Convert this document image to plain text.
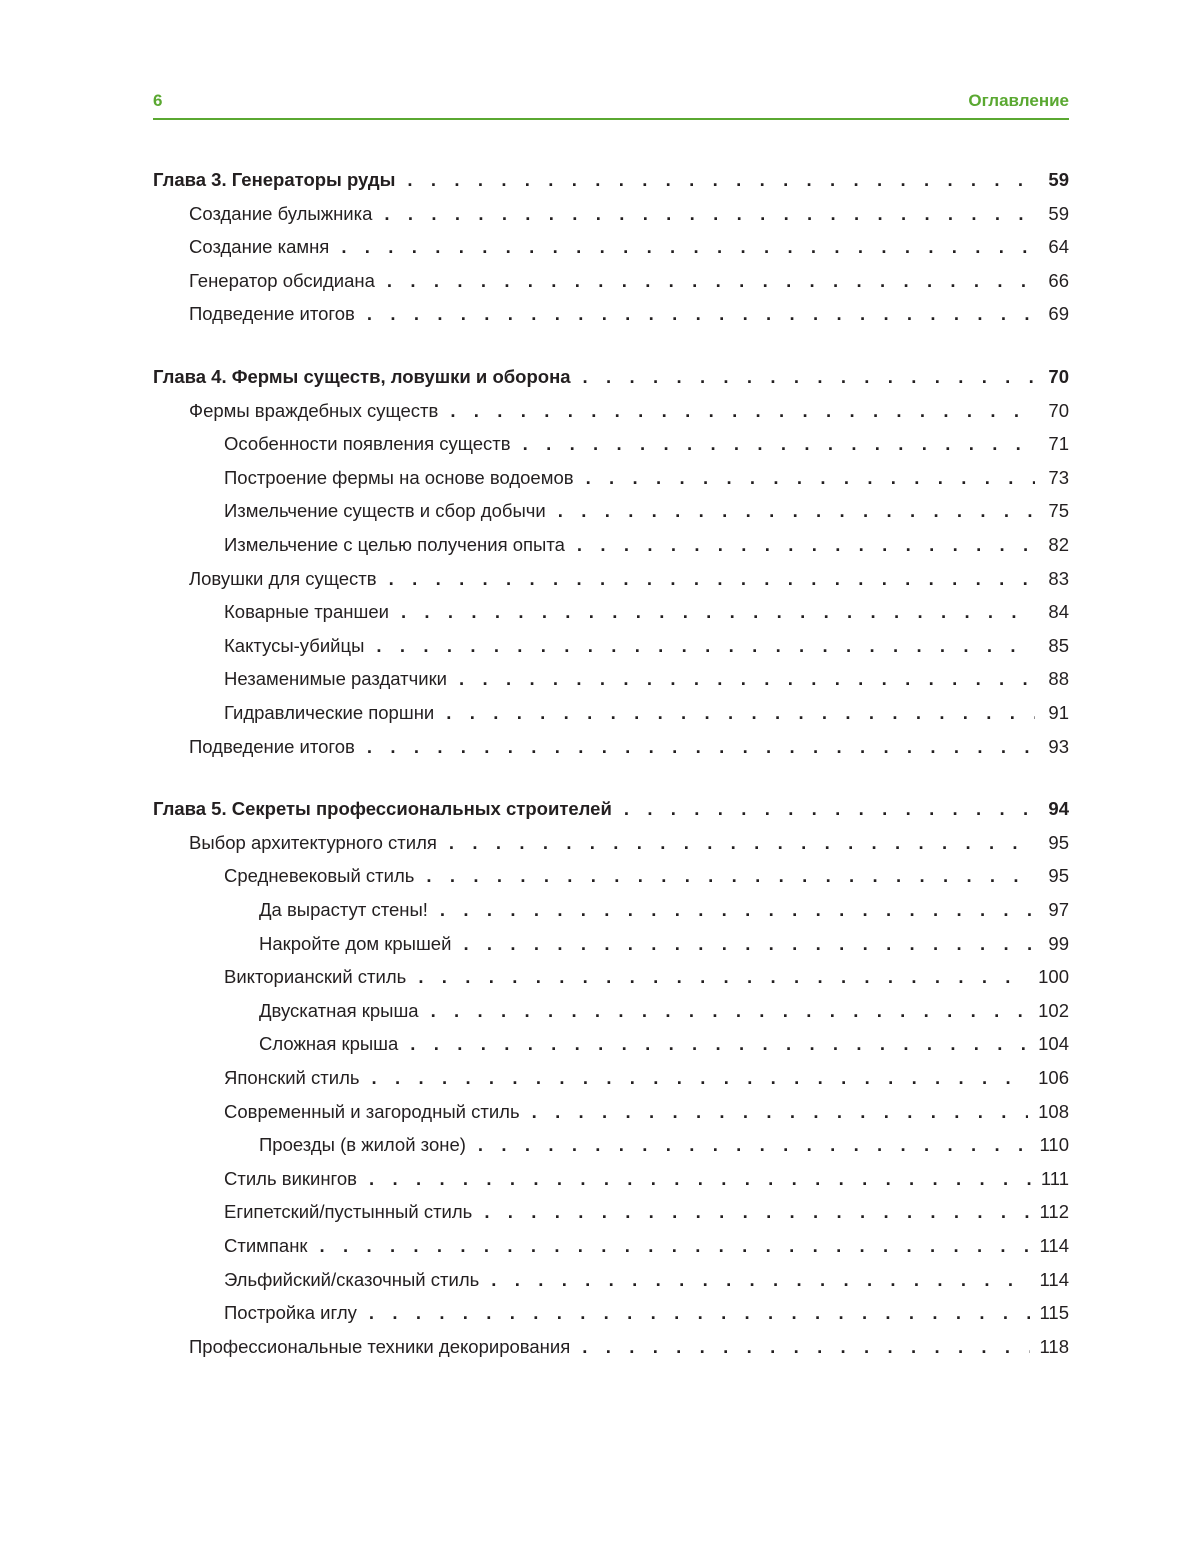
6	Оглавление
Глава 3. Генераторы руды . . .	59
Создание булыжника . . .	59
Создание камня . . .	64
Генератор обсидиана . . .	66
Подведение итогов . . .	69
Глава 4. Фермы существ, ловушки и оборона . . .	70
Фермы враждебных существ . . .	70
Особенности появления существ . . .	71
Построение фермы на основе водоемов . . .	73
Измельчение существ и сбор добычи . . .	75
Измельчение с целью получения опыта . . .	82
Ловушки для существ . . .	83
Коварные траншеи . . .	84
Кактусы-убийцы . . .	85
Незаменимые раздатчики . . .	88
Гидравлические поршни . . .	91
Подведение итогов . . .	93
Глава 5. Секреты профессиональных строителей . . .	94
Выбор архитектурного стиля . . .	95
Средневековый стиль . . .	95
Да вырастут стены! . . .	97
Накройте дом крышей . . .	99
Викторианский стиль . . .	100
Двускатная крыша . . .	102
Сложная крыша . . .	104
Японский стиль . . .	106
Современный и загородный стиль . . .	108
Проезды (в жилой зоне) . . .	110
Стиль викингов . . .	111
Египетский/пустынный стиль . . .	112
Стимпанк . . .	114
Эльфийский/сказочный стиль . . .	114
Постройка иглу . . .	115
Профессиональные техники декорирования . . .	118
